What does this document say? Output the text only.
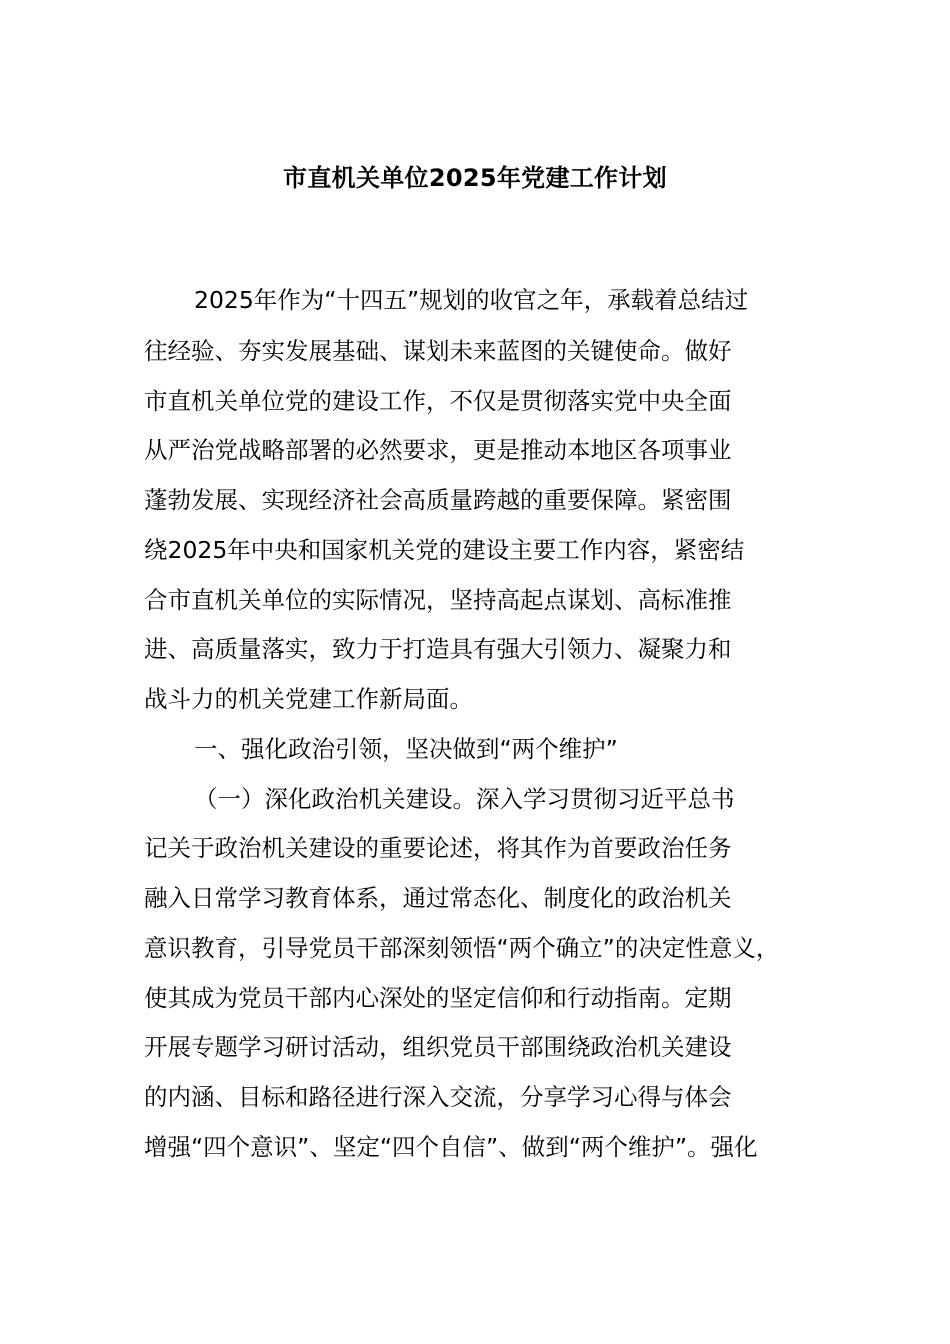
市直机关单位2025年党建工作计划
2025年作为“十四五”规划的收官之年，承载着总结过
往经验、夯实发展基础、谋划未来蓝图的关键使命。做好
市直机关单位党的建设工作，不仅是贯彻落实党中央全面
从严治党战略部署的必然要求，更是推动本地区各项事业
蓬勃发展、实现经济社会高质量跨越的重要保障。紧密围
绕2025年中央和国家机关党的建设主要工作内容，紧密结
合市直机关单位的实际情况，坚持高起点谋划、高标准推
进、高质量落实，致力于打造具有强大引领力、凝聚力和
战斗力的机关党建工作新局面。
一、强化政治引领，坚决做到“两个维护”
（一）深化政治机关建设。深入学习贯彻习近平总书
记关于政治机关建设的重要论述，将其作为首要政治任务
融入日常学习教育体系，通过常态化、制度化的政治机关
意识教育，引导党员干部深刻领悟“两个确立”的决定性意义，
使其成为党员干部内心深处的坚定信仰和行动指南。定期
开展专题学习研讨活动，组织党员干部围绕政治机关建设
的内涵、目标和路径进行深入交流，分享学习心得与体会
增强“四个意识”、坚定“四个自信”、做到“两个维护”。强化
